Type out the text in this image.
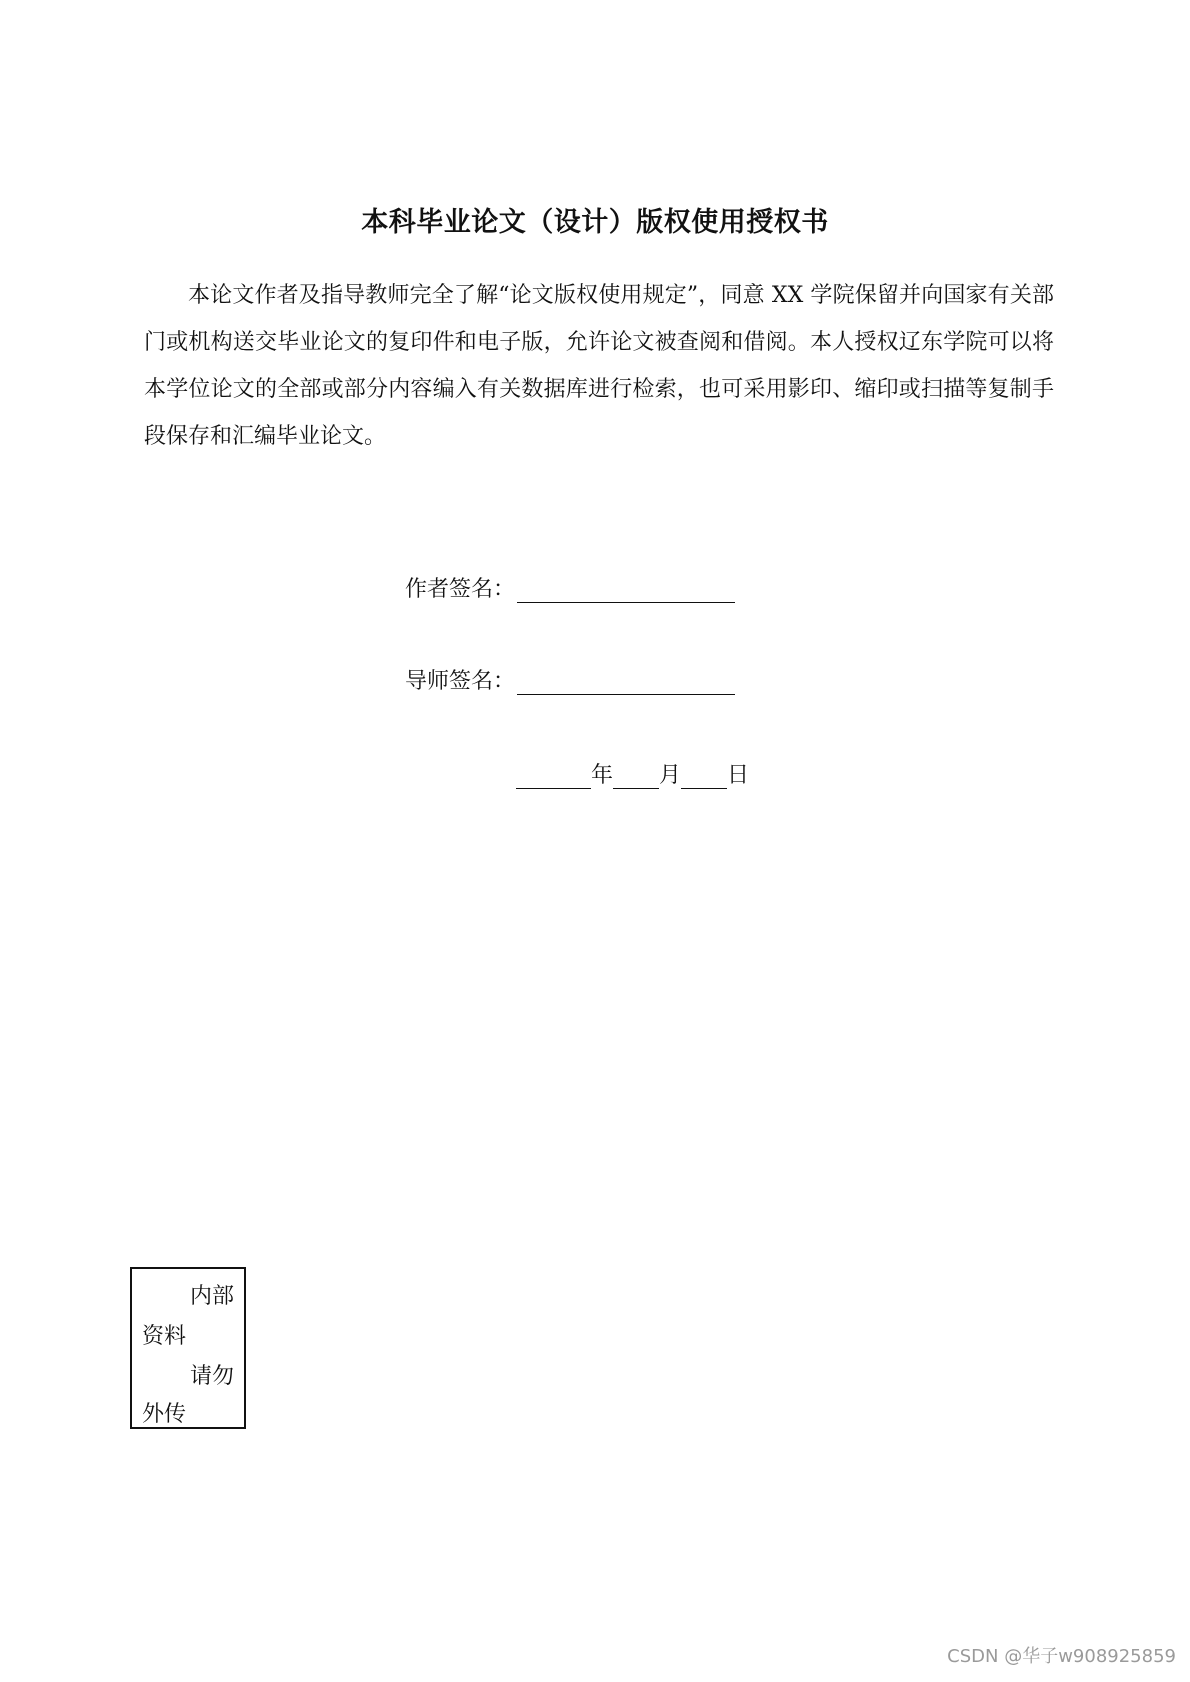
本科毕业论文（设计）版权使用授权书
本论文作者及指导教师完全了解“论文版权使用规定”，同意 XX 学院保留并向国家有关部门或机构送交毕业论文的复印件和电子版，允许论文被查阅和借阅。本人授权辽东学院可以将本学位论文的全部或部分内容编入有关数据库进行检索，也可采用影印、缩印或扫描等复制手段保存和汇编毕业论文。
作者签名：
导师签名：
年 月 日
内部
资料
请勿
外传
CSDN @华子w908925859
